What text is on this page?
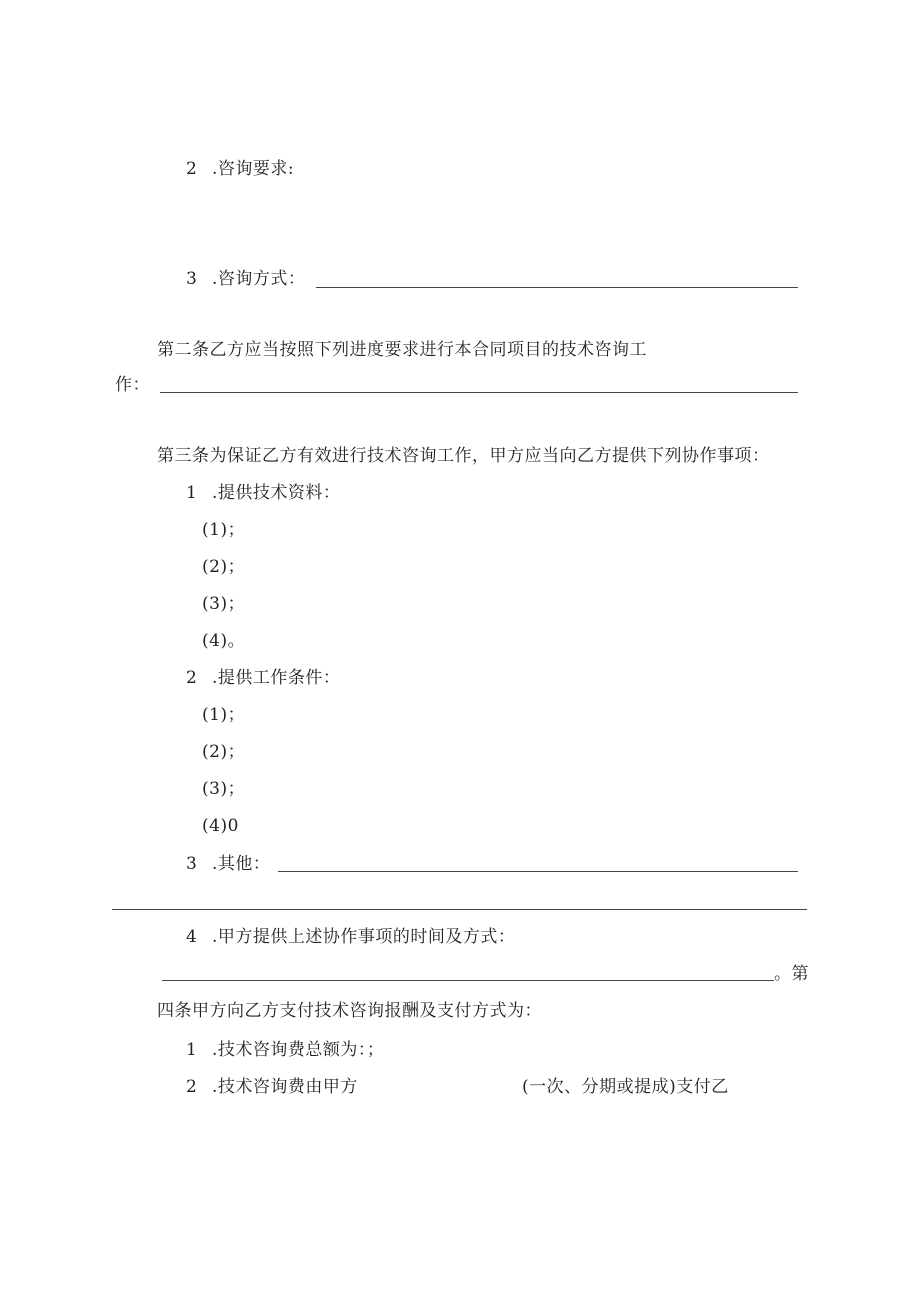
2 .咨询要求:
3 .咨询方式：
第二条乙方应当按照下列进度要求进行本合同项目的技术咨询工
作：
第三条为保证乙方有效进行技术咨询工作，甲方应当向乙方提供下列协作事项：
1 .提供技术资料：
(1)；
(2)；
(3)；
(4)。
2 .提供工作条件：
(1)；
(2)；
(3)；
(4)0
3 .其他：
4 .甲方提供上述协作事项的时间及方式：
。第
四条甲方向乙方支付技术咨询报酬及支付方式为：
1 .技术咨询费总额为：；
2 .技术咨询费由甲方	(一次、分期或提成)支付乙
